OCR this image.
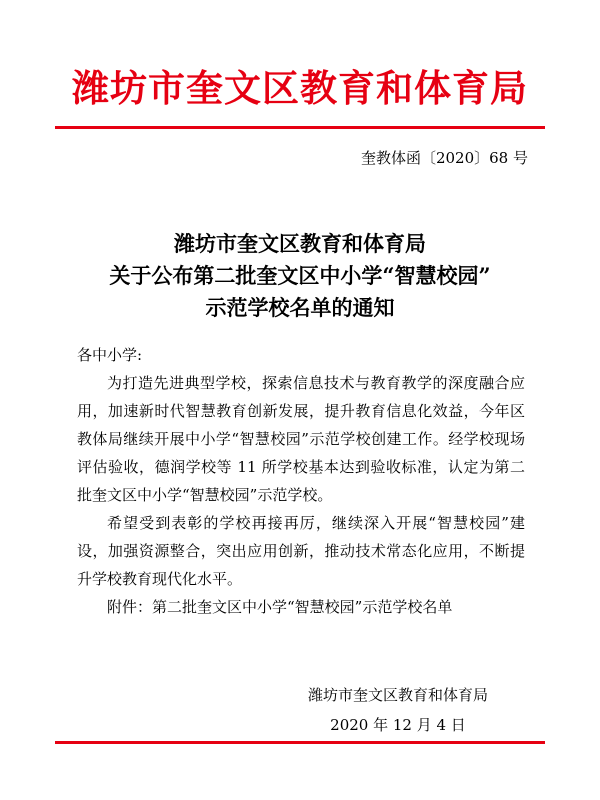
潍坊市奎文区教育和体育局
奎教体函〔2020〕68 号
潍坊市奎文区教育和体育局
关于公布第二批奎文区中小学“智慧校园”
示范学校名单的通知

各中小学:

为打造先进典型学校，探索信息技术与教育教学的深度融合应用，加速新时代智慧教育创新发展，提升教育信息化效益，今年区教体局继续开展中小学“智慧校园”示范学校创建工作。经学校现场评估验收，德润学校等 11 所学校基本达到验收标准，认定为第二批奎文区中小学“智慧校园”示范学校。

希望受到表彰的学校再接再厉，继续深入开展“智慧校园”建设，加强资源整合，突出应用创新，推动技术常态化应用，不断提升学校教育现代化水平。

附件：第二批奎文区中小学“智慧校园”示范学校名单

潍坊市奎文区教育和体育局
2020 年 12 月 4 日
